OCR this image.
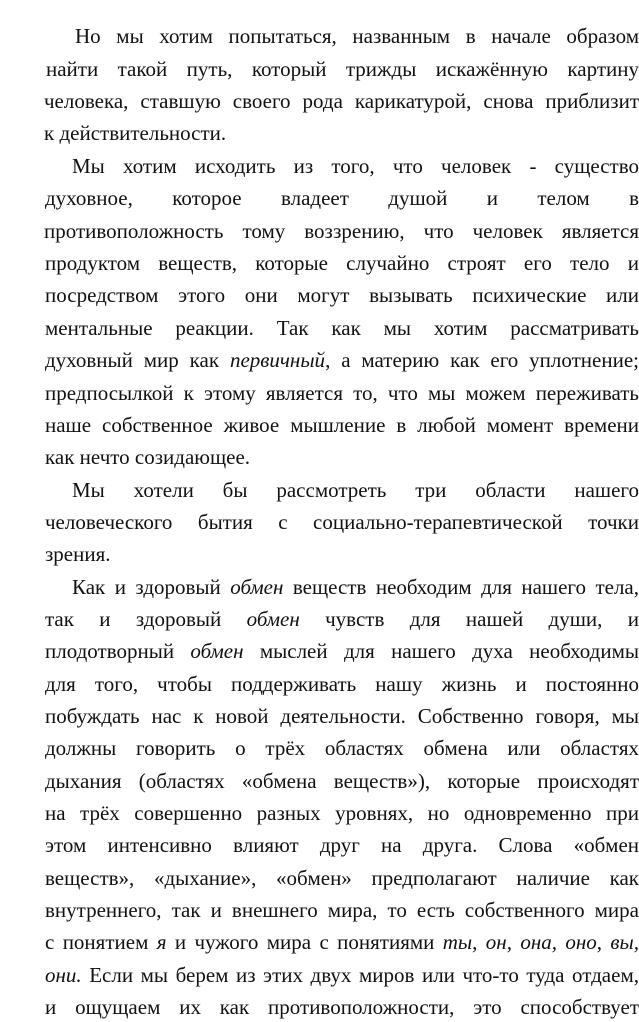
Но мы хотим попытаться, названным в начале образом
найти такой путь, который трижды искажённую картину
человека, ставшую своего рода карикатурой, снова приблизит
к действительности.
Мы хотим исходить из того, что человек - существо
духовное, которое владеет душой и телом в
противоположность тому воззрению, что человек является
продуктом веществ, которые случайно строят его тело и
посредством этого они могут вызывать психические или
ментальные реакции. Так как мы хотим рассматривать
духовный мир как первичный, а материю как его уплотнение;
предпосылкой к этому является то, что мы можем переживать
наше собственное живое мышление в любой момент времени
как нечто созидающее.
Мы хотели бы рассмотреть три области нашего
человеческого бытия с социально-терапевтической точки
зрения.
Как и здоровый обмен веществ необходим для нашего тела,
так и здоровый обмен чувств для нашей души, и
плодотворный обмен мыслей для нашего духа необходимы
для того, чтобы поддерживать нашу жизнь и постоянно
побуждать нас к новой деятельности. Собственно говоря, мы
должны говорить о трёх областях обмена или областях
дыхания (областях «обмена веществ»), которые происходят
на трёх совершенно разных уровнях, но одновременно при
этом интенсивно влияют друг на друга. Слова «обмен
веществ», «дыхание», «обмен» предполагают наличие как
внутреннего, так и внешнего мира, то есть собственного мира
с понятием я и чужого мира с понятиями ты, он, она, оно, вы,
они. Если мы берем из этих двух миров или что-то туда отдаем,
и ощущаем их как противоположности, это способствует
